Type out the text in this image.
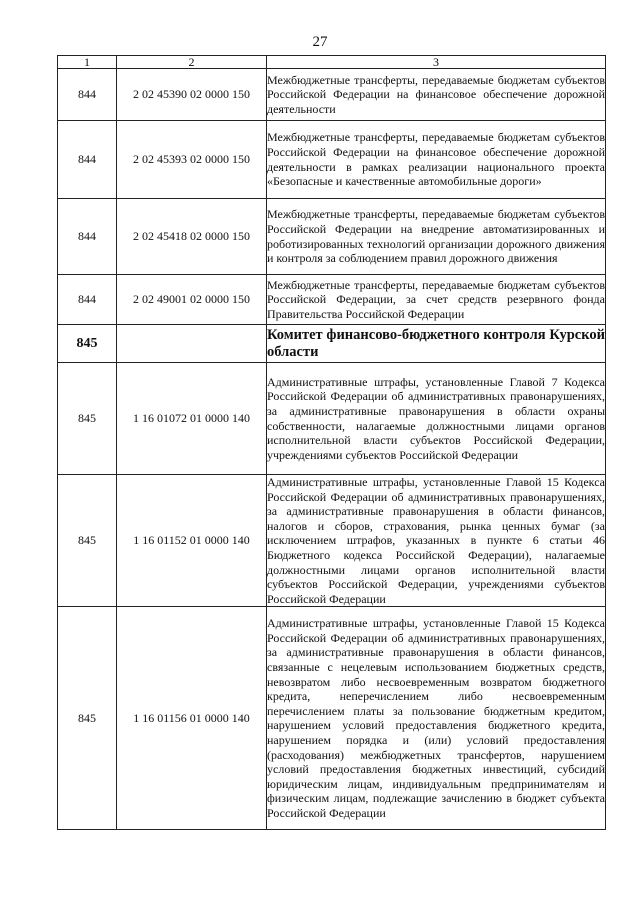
27
1	2	3
844	2 02 45390 02 0000 150	Межбюджетные трансферты, передаваемые бюджетам субъектов Российской Федерации на финансовое обеспечение дорожной деятельности
844	2 02 45393 02 0000 150	Межбюджетные трансферты, передаваемые бюджетам субъектов Российской Федерации на финансовое обеспечение дорожной деятельности в рамках реализации национального проекта «Безопасные и качественные автомобильные дороги»
844	2 02 45418 02 0000 150	Межбюджетные трансферты, передаваемые бюджетам субъектов Российской Федерации на внедрение автоматизированных и роботизированных технологий организации дорожного движения и контроля за соблюдением правил дорожного движения
844	2 02 49001 02 0000 150	Межбюджетные трансферты, передаваемые бюджетам субъектов Российской Федерации, за счет средств резервного фонда Правительства Российской Федерации
845		Комитет финансово-бюджетного контроля Курской области
845	1 16 01072 01 0000 140	Административные штрафы, установленные Главой 7 Кодекса Российской Федерации об административных правонарушениях, за административные правонарушения в области охраны собственности, налагаемые должностными лицами органов исполнительной власти субъектов Российской Федерации, учреждениями субъектов Российской Федерации
845	1 16 01152 01 0000 140	Административные штрафы, установленные Главой 15 Кодекса Российской Федерации об административных правонарушениях, за административные правонарушения в области финансов, налогов и сборов, страхования, рынка ценных бумаг (за исключением штрафов, указанных в пункте 6 статьи 46 Бюджетного кодекса Российской Федерации), налагаемые должностными лицами органов исполнительной власти субъектов Российской Федерации, учреждениями субъектов Российской Федерации
845	1 16 01156 01 0000 140	Административные штрафы, установленные Главой 15 Кодекса Российской Федерации об административных правонарушениях, за административные правонарушения в области финансов, связанные с нецелевым использованием бюджетных средств, невозвратом либо несвоевременным возвратом бюджетного кредита, неперечислением либо несвоевременным перечислением платы за пользование бюджетным кредитом, нарушением условий предоставления бюджетного кредита, нарушением порядка и (или) условий предоставления (расходования) межбюджетных трансфертов, нарушением условий предоставления бюджетных инвестиций, субсидий юридическим лицам, индивидуальным предпринимателям и физическим лицам, подлежащие зачислению в бюджет субъекта Российской Федерации
